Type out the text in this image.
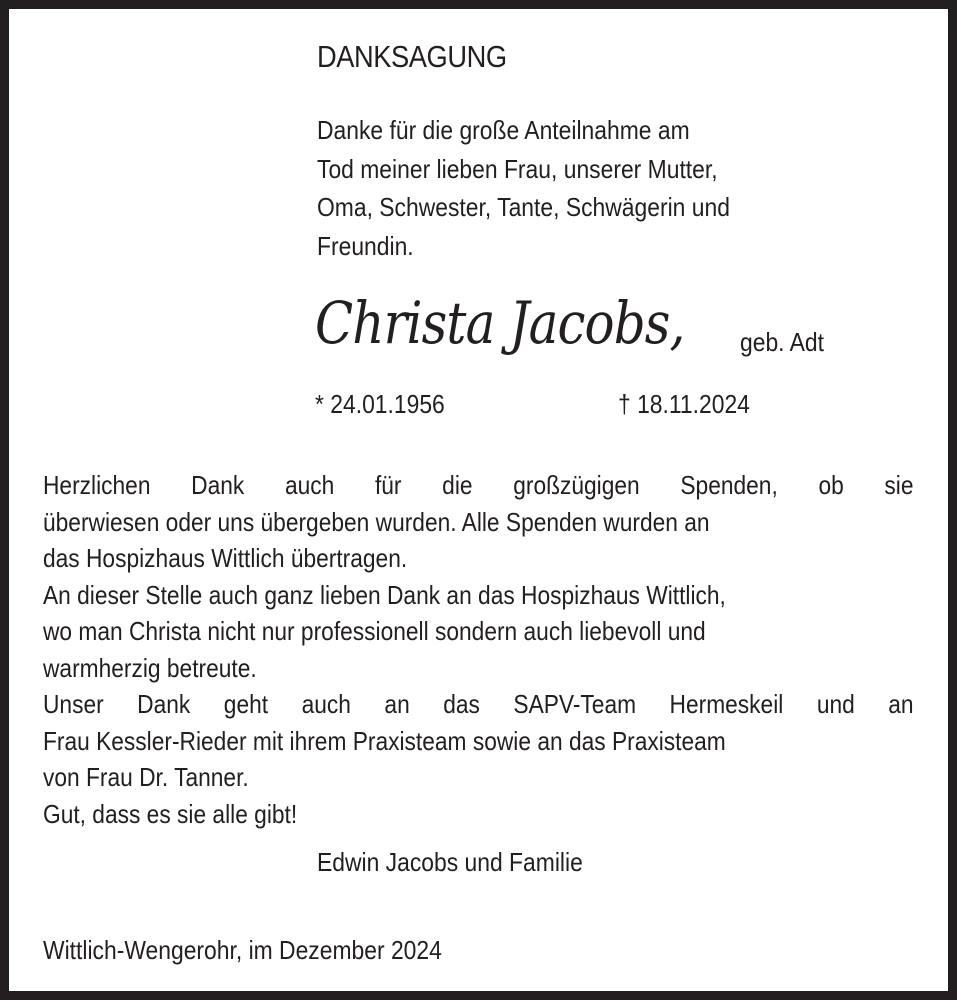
DANKSAGUNG
Danke für die große Anteilnahme am
Tod meiner lieben Frau, unserer Mutter,
Oma, Schwester, Tante, Schwägerin und
Freundin.
Christa Jacobs, geb. Adt
* 24.01.1956	† 18.11.2024
Herzlichen Dank auch für die großzügigen Spenden, ob sie
überwiesen oder uns übergeben wurden. Alle Spenden wurden an
das Hospizhaus Wittlich übertragen.
An dieser Stelle auch ganz lieben Dank an das Hospizhaus Wittlich,
wo man Christa nicht nur professionell sondern auch liebevoll und
warmherzig betreute.
Unser Dank geht auch an das SAPV-Team Hermeskeil und an
Frau Kessler-Rieder mit ihrem Praxisteam sowie an das Praxisteam
von Frau Dr. Tanner.
Gut, dass es sie alle gibt!
Edwin Jacobs und Familie
Wittlich-Wengerohr, im Dezember 2024
